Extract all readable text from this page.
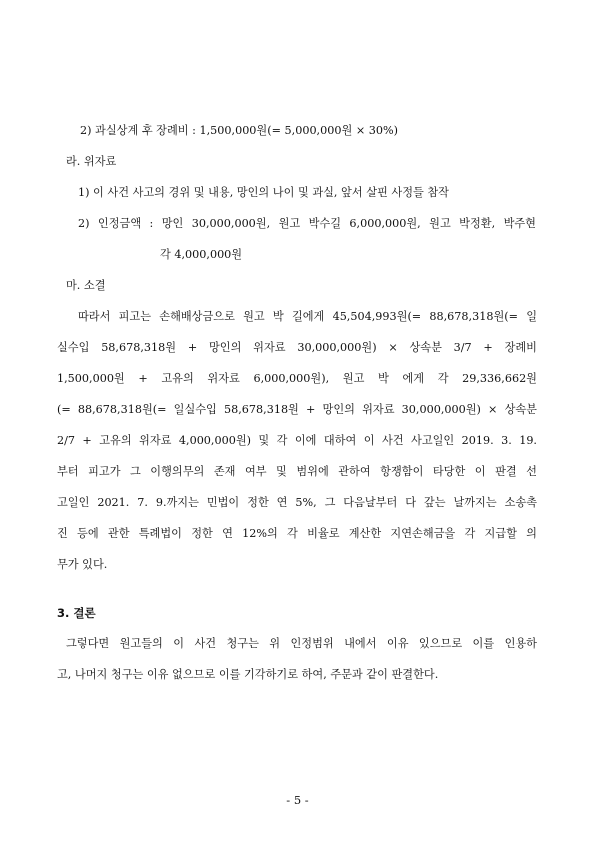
2) 과실상계 후 장례비 : 1,500,000원(= 5,000,000원 × 30%)
라. 위자료
1) 이 사건 사고의 경위 및 내용, 망인의 나이 및 과실, 앞서 살핀 사정들 참작
2) 인정금액 : 망인 30,000,000원, 원고 박수길 6,000,000원, 원고 박정환, 박주현
각 4,000,000원
마. 소결
따라서 피고는 손해배상금으로 원고 박 길에게 45,504,993원(= 88,678,318원(= 일
실수입 58,678,318원 + 망인의 위자료 30,000,000원) × 상속분 3/7 + 장례비
1,500,000원 + 고유의 위자료 6,000,000원), 원고 박 에게 각 29,336,662원
(= 88,678,318원(= 일실수입 58,678,318원 + 망인의 위자료 30,000,000원) × 상속분
2/7 + 고유의 위자료 4,000,000원) 및 각 이에 대하여 이 사건 사고일인 2019. 3. 19.
부터 피고가 그 이행의무의 존재 여부 및 범위에 관하여 항쟁함이 타당한 이 판결 선
고일인 2021. 7. 9.까지는 민법이 정한 연 5%, 그 다음날부터 다 갚는 날까지는 소송촉
진 등에 관한 특례법이 정한 연 12%의 각 비율로 계산한 지연손해금을 각 지급할 의
무가 있다.
3. 결론
그렇다면 원고들의 이 사건 청구는 위 인정범위 내에서 이유 있으므로 이를 인용하
고, 나머지 청구는 이유 없으므로 이를 기각하기로 하여, 주문과 같이 판결한다.
- 5 -
